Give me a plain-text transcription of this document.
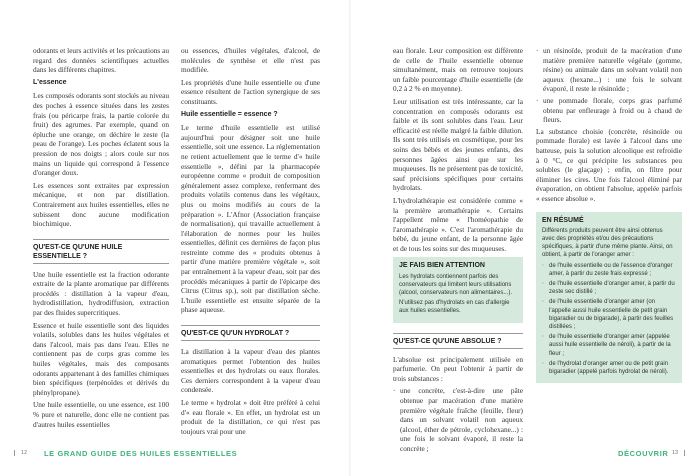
odorants et leurs activités et les précautions au regard des données scientifiques actuelles dans les différents chapitres.

L'essence

Les composés odorants sont stockés au niveau des poches à essence situées dans les zestes frais (ou péricarpe frais, la partie colorée du fruit) des agrumes. Par exemple, quand on épluche une orange, on déchire le zeste (la peau de l'orange). Les poches éclatent sous la pression de nos doigts ; alors coule sur nos mains un liquide qui correspond à l'essence d'oranger doux.

Les essences sont extraites par expression mécanique, et non par distillation. Contrairement aux huiles essentielles, elles ne subissent donc aucune modification biochimique.

QU'EST-CE QU'UNE HUILE ESSENTIELLE ?

Une huile essentielle est la fraction odorante extraite de la plante aromatique par différents procédés : distillation à la vapeur d'eau, hydrodistillation, hydrodiffusion, extraction par des fluides supercritiques.

Essence et huile essentielle sont des liquides volatils, solubles dans les huiles végétales et dans l'alcool, mais pas dans l'eau. Elles ne contiennent pas de corps gras comme les huiles végétales, mais des composants odorants appartenant à des familles chimiques bien spécifiques (terpénoïdes et dérivés du phénylpropane).

Une huile essentielle, ou une essence, est 100 % pure et naturelle, donc elle ne contient pas d'autres huiles essentielles

ou essences, d'huiles végétales, d'alcool, de molécules de synthèse et elle n'est pas modifiée.

Les propriétés d'une huile essentielle ou d'une essence résultent de l'action synergique de ses constituants.

Huile essentielle = essence ?

Le terme d'huile essentielle est utilisé aujourd'hui pour désigner soit une huile essentielle, soit une essence. La réglementation ne retient actuellement que le terme d'« huile essentielle », défini par la pharmacopée européenne comme « produit de composition généralement assez complexe, renfermant des produits volatils contenus dans les végétaux, plus ou moins modifiés au cours de la préparation ». L'Afnor (Association française de normalisation), qui travaille actuellement à l'élaboration de normes pour les huiles essentielles, définit ces dernières de façon plus restreinte comme des « produits obtenus à partir d'une matière première végétale », soit par entraînement à la vapeur d'eau, soit par des procédés mécaniques à partir de l'épicarpe des Citrus (Citrus sp.), soit par distillation sèche. L'huile essentielle est ensuite séparée de la phase aqueuse.

QU'EST-CE QU'UN HYDROLAT ?

La distillation à la vapeur d'eau des plantes aromatiques permet l'obtention des huiles essentielles et des hydrolats ou eaux florales. Ces derniers correspondent à la vapeur d'eau condensée.

Le terme « hydrolat » doit être préféré à celui d'« eau florale ». En effet, un hydrolat est un produit de la distillation, ce qui n'est pas toujours vrai pour une

eau florale. Leur composition est différente de celle de l'huile essentielle obtenue simultanément, mais on retrouve toujours un faible pourcentage d'huile essentielle (de 0,2 à 2 % en moyenne).

Leur utilisation est très intéressante, car la concentration en composés odorants est faible et ils sont solubles dans l'eau. Leur efficacité est réelle malgré la faible dilution. Ils sont très utilisés en cosmétique, pour les soins des bébés et des jeunes enfants, des personnes âgées ainsi que sur les muqueuses. Ils ne présentent pas de toxicité, sauf précisions spécifiques pour certains hydrolats.

L'hydrolathérapie est considérée comme « la première aromathérapie ». Certains l'appellent même « l'homéopathie de l'aromathérapie ». C'est l'aromathérapie du bébé, du jeune enfant, de la personne âgée et de tous les soins sur des muqueuses.

JE FAIS BIEN ATTENTION

Les hydrolats contiennent parfois des conservateurs qui limitent leurs utilisations (alcool, conservateurs non alimentaires...).

N'utilisez pas d'hydrolats en cas d'allergie aux huiles essentielles.

QU'EST-CE QU'UNE ABSOLUE ?

L'absolue est principalement utilisée en parfumerie. On peut l'obtenir à partir de trois substances :

· une concrète, c'est-à-dire une pâte obtenue par macération d'une matière première végétale fraîche (feuille, fleur) dans un solvant volatil non aqueux (alcool, éther de pétrole, cyclohexane...) : une fois le solvant évaporé, il reste la concrète ;
· un résinoïde, produit de la macération d'une matière première naturelle végétale (gomme, résine) ou animale dans un solvant volatil non aqueux (hexane...) : une fois le solvant évaporé, il reste le résinoïde ;
· une pommade florale, corps gras parfumé obtenu par enfleurage à froid ou à chaud de fleurs.

La substance choisie (concrète, résinoïde ou pommade florale) est lavée à l'alcool dans une batteuse, puis la solution alcoolique est refroidie à 0 °C, ce qui précipite les substances peu solubles (le glaçage) ; enfin, on filtre pour éliminer les cires. Une fois l'alcool éliminé par évaporation, on obtient l'absolue, appelée parfois « essence absolue ».

EN RÉSUMÉ

Différents produits peuvent être ainsi obtenus avec des propriétés et/ou des précautions spécifiques, à partir d'une même plante. Ainsi, on obtient, à partir de l'oranger amer :

· de l'huile essentielle ou de l'essence d'oranger amer, à partir du zeste frais expressé ;
· de l'huile essentielle d'oranger amer, à partir du zeste sec distillé ;
· de l'huile essentielle d'oranger amer (on l'appelle aussi huile essentielle de petit grain bigaradier ou de bigarade), à partir des feuilles distillées ;
· de l'huile essentielle d'oranger amer (appelée aussi huile essentielle de néroli), à partir de la fleur ;
· de l'hydrolat d'oranger amer ou de petit grain bigaradier (appelé parfois hydrolat de néroli).
12 LE GRAND GUIDE DES HUILES ESSENTIELLES	DÉCOUVRIR 13
